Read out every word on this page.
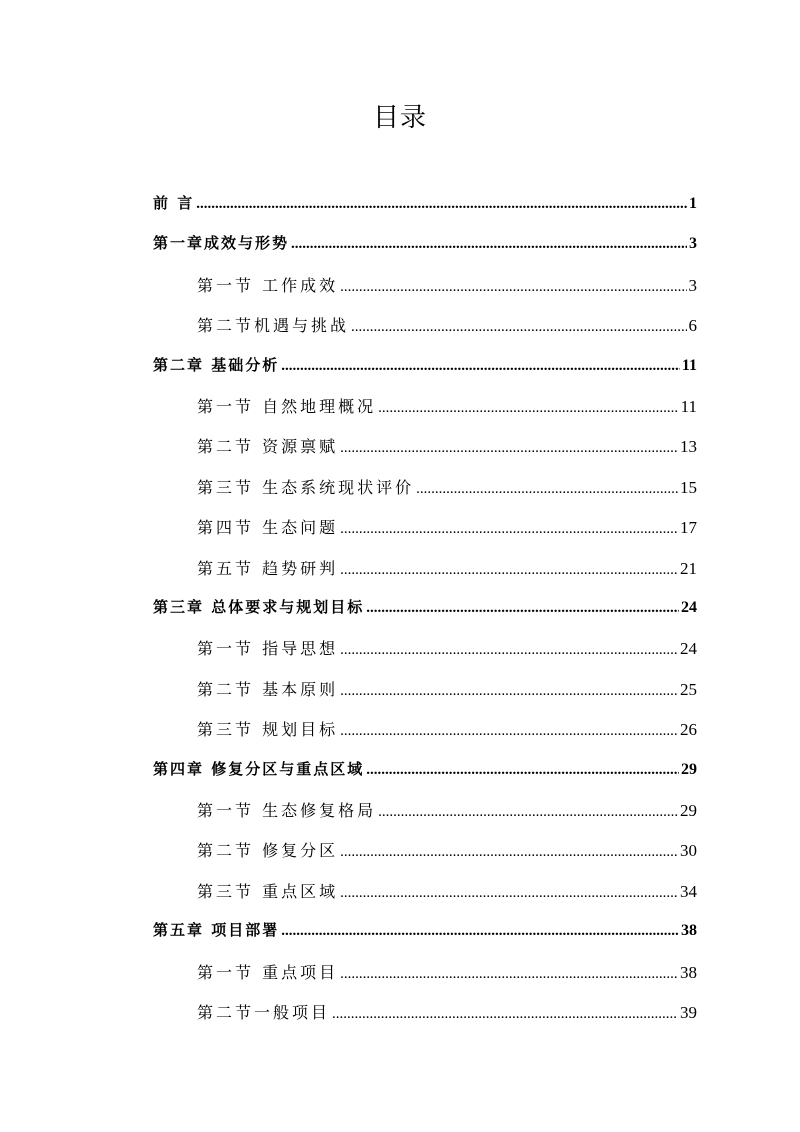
目录
前 言 .....	1
第一章成效与形势 .....	3
第一节 工作成效 .....	3
第二节机遇与挑战 .....	6
第二章 基础分析 .....	11
第一节 自然地理概况 .....	11
第二节 资源禀赋 .....	13
第三节 生态系统现状评价 .....	15
第四节 生态问题 .....	17
第五节 趋势研判 .....	21
第三章 总体要求与规划目标 .....	24
第一节 指导思想 .....	24
第二节 基本原则 .....	25
第三节 规划目标 .....	26
第四章 修复分区与重点区域 .....	29
第一节 生态修复格局 .....	29
第二节 修复分区 .....	30
第三节 重点区域 .....	34
第五章 项目部署 .....	38
第一节 重点项目 .....	38
第二节一般项目 .....	39
